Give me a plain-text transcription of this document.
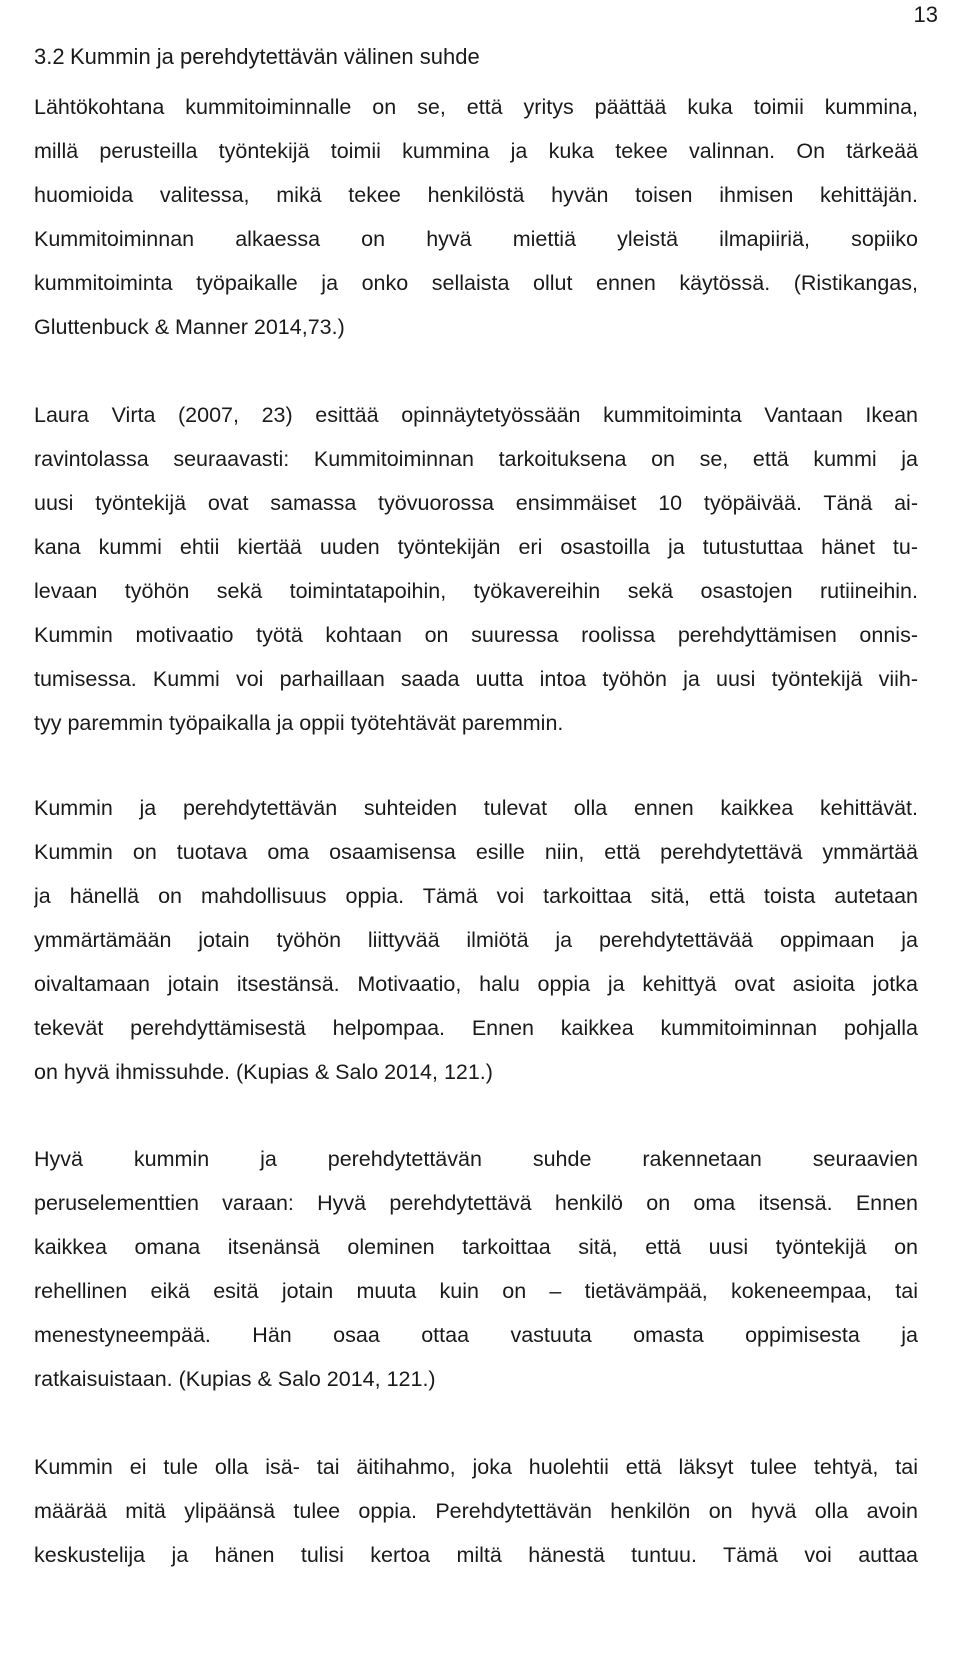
13
3.2 Kummin ja perehdytettävän välinen suhde
Lähtökohtana kummitoiminnalle on se, että yritys päättää kuka toimii kummina,
millä perusteilla työntekijä toimii kummina ja kuka tekee valinnan. On tärkeää
huomioida valitessa, mikä tekee henkilöstä hyvän toisen ihmisen kehittäjän.
Kummitoiminnan alkaessa on hyvä miettiä yleistä ilmapiiriä, sopiiko
kummitoiminta työpaikalle ja onko sellaista ollut ennen käytössä. (Ristikangas,
Gluttenbuck & Manner 2014,73.)
Laura Virta (2007, 23) esittää opinnäytetyössään kummitoiminta Vantaan Ikean
ravintolassa seuraavasti: Kummitoiminnan tarkoituksena on se, että kummi ja
uusi työntekijä ovat samassa työvuorossa ensimmäiset 10 työpäivää. Tänä ai-
kana kummi ehtii kiertää uuden työntekijän eri osastoilla ja tutustuttaa hänet tu-
levaan työhön sekä toimintatapoihin, työkavereihin sekä osastojen rutiineihin.
Kummin motivaatio työtä kohtaan on suuressa roolissa perehdyttämisen onnis-
tumisessa. Kummi voi parhaillaan saada uutta intoa työhön ja uusi työntekijä viih-
tyy paremmin työpaikalla ja oppii työtehtävät paremmin.
Kummin ja perehdytettävän suhteiden tulevat olla ennen kaikkea kehittävät.
Kummin on tuotava oma osaamisensa esille niin, että perehdytettävä ymmärtää
ja hänellä on mahdollisuus oppia. Tämä voi tarkoittaa sitä, että toista autetaan
ymmärtämään jotain työhön liittyvää ilmiötä ja perehdytettävää oppimaan ja
oivaltamaan jotain itsestänsä. Motivaatio, halu oppia ja kehittyä ovat asioita jotka
tekevät perehdyttämisestä helpompaa. Ennen kaikkea kummitoiminnan pohjalla
on hyvä ihmissuhde. (Kupias & Salo 2014, 121.)
Hyvä kummin ja perehdytettävän suhde rakennetaan seuraavien
peruselementtien varaan: Hyvä perehdytettävä henkilö on oma itsensä. Ennen
kaikkea omana itsenänsä oleminen tarkoittaa sitä, että uusi työntekijä on
rehellinen eikä esitä jotain muuta kuin on – tietävämpää, kokeneempaa, tai
menestyneempää. Hän osaa ottaa vastuuta omasta oppimisesta ja
ratkaisuistaan. (Kupias & Salo 2014, 121.)
Kummin ei tule olla isä- tai äitihahmo, joka huolehtii että läksyt tulee tehtyä, tai
määrää mitä ylipäänsä tulee oppia. Perehdytettävän henkilön on hyvä olla avoin
keskustelija ja hänen tulisi kertoa miltä hänestä tuntuu. Tämä voi auttaa
